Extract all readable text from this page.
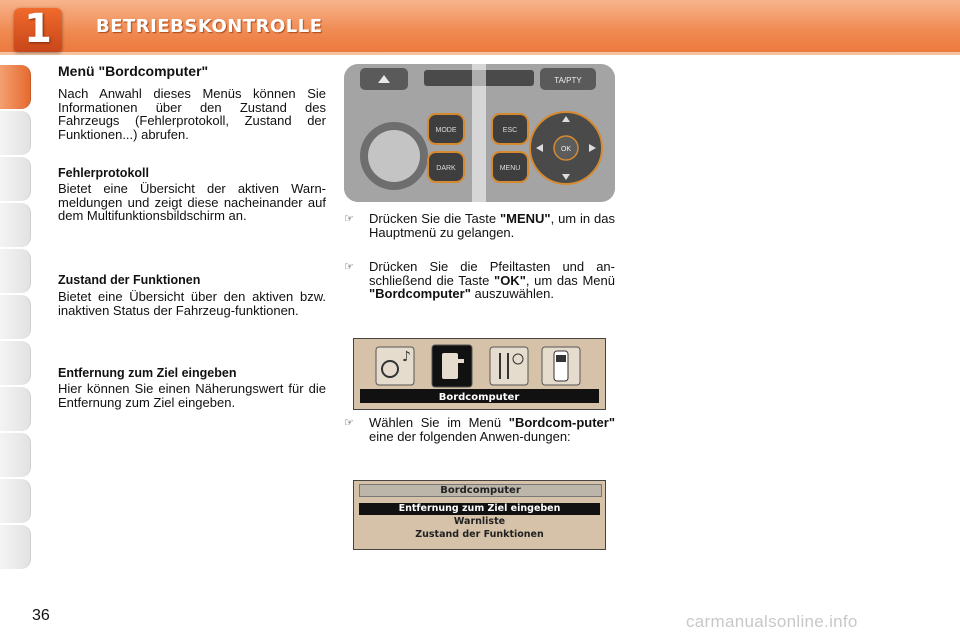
1	BETRIEBSKONTROLLE
Menü "Bordcomputer"
Nach Anwahl dieses Menüs können Sie Informationen über den Zustand des Fahrzeugs (Fehlerprotokoll, Zustand der Funktionen...) abrufen.
Fehlerprotokoll
Bietet eine Übersicht der aktiven Warn-meldungen und zeigt diese nacheinander auf dem Multifunktionsbildschirm an.
Zustand der Funktionen
Bietet eine Übersicht über den aktiven bzw. inaktiven Status der Fahrzeug-funktionen.
Entfernung zum Ziel eingeben
Hier können Sie einen Näherungswert für die Entfernung zum Ziel eingeben.
TA/PTY
MODE
DARK
ESC
MENU
OK
☞	Drücken Sie die Taste "MENU", um in das Hauptmenü zu gelangen.
☞	Drücken Sie die Pfeiltasten und an-schließend die Taste "OK", um das Menü "Bordcomputer" auszuwählen.
♪
Bordcomputer
☞	Wählen Sie im Menü "Bordcom-puter" eine der folgenden Anwen-dungen:
Bordcomputer
Entfernung zum Ziel eingeben
Warnliste
Zustand der Funktionen
36	carmanualsonline.info
